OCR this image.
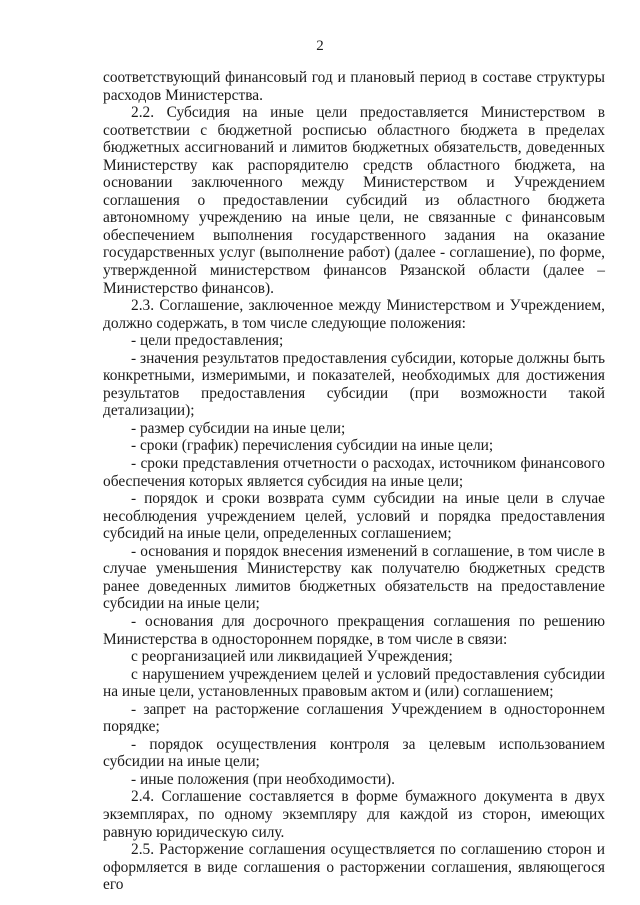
2

соответствующий финансовый год и плановый период в составе структуры расходов Министерства.

2.2. Субсидия на иные цели предоставляется Министерством в соответствии с бюджетной росписью областного бюджета в пределах бюджетных ассигнований и лимитов бюджетных обязательств, доведенных Министерству как распорядителю средств областного бюджета, на основании заключенного между Министерством и Учреждением соглашения о предоставлении субсидий из областного бюджета автономному учреждению на иные цели, не связанные с финансовым обеспечением выполнения государственного задания на оказание государственных услуг (выполнение работ) (далее - соглашение), по форме, утвержденной министерством финансов Рязанской области (далее – Министерство финансов).

2.3. Соглашение, заключенное между Министерством и Учреждением, должно содержать, в том числе следующие положения:

- цели предоставления;

- значения результатов предоставления субсидии, которые должны быть конкретными, измеримыми, и показателей, необходимых для достижения результатов предоставления субсидии (при возможности такой детализации);

- размер субсидии на иные цели;

- сроки (график) перечисления субсидии на иные цели;

- сроки представления отчетности о расходах, источником финансового обеспечения которых является субсидия на иные цели;

- порядок и сроки возврата сумм субсидии на иные цели в случае несоблюдения учреждением целей, условий и порядка предоставления субсидий на иные цели, определенных соглашением;

- основания и порядок внесения изменений в соглашение, в том числе в случае уменьшения Министерству как получателю бюджетных средств ранее доведенных лимитов бюджетных обязательств на предоставление субсидии на иные цели;

- основания для досрочного прекращения соглашения по решению Министерства в одностороннем порядке, в том числе в связи:

с реорганизацией или ликвидацией Учреждения;

с нарушением учреждением целей и условий предоставления субсидии на иные цели, установленных правовым актом и (или) соглашением;

- запрет на расторжение соглашения Учреждением в одностороннем порядке;

- порядок осуществления контроля за целевым использованием субсидии на иные цели;

- иные положения (при необходимости).

2.4. Соглашение составляется в форме бумажного документа в двух экземплярах, по одному экземпляру для каждой из сторон, имеющих равную юридическую силу.

2.5. Расторжение соглашения осуществляется по соглашению сторон и оформляется в виде соглашения о расторжении соглашения, являющегося его
